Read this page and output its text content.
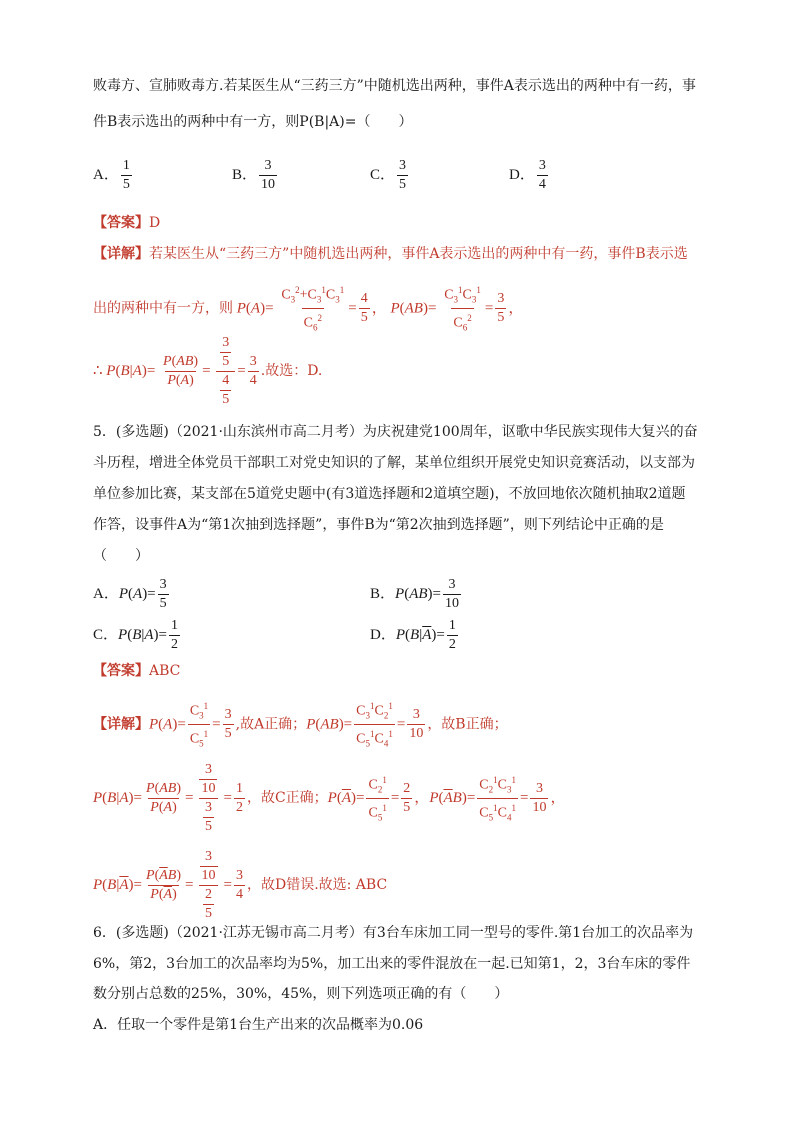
败毒方、宣肺败毒方.若某医生从“三药三方”中随机选出两种，事件A表示选出的两种中有一药，事
件B表示选出的两种中有一方，则P(B|A)=（　　）
A． $\frac{1}{5}$	B． $\frac{3}{10}$	C． $\frac{3}{5}$	D． $\frac{3}{4}$
【答案】D
【详解】若某医生从“三药三方”中随机选出两种，事件A表示选出的两种中有一药，事件B表示选
出的两种中有一方，则 $P(A)= \frac{C_3^2+C_3^1C_3^1}{C_6^2} = \frac{4}{5}$ ， $P(AB)= \frac{C_3^1C_3^1}{C_6^2} = \frac{3}{5}$ ，
∴ $P(B|A)= \frac{P(AB)}{P(A)} = \frac{\frac{3}{5}}{\frac{4}{5}} = \frac{3}{4}$ .故选：D.
5．(多选题)（2021·山东滨州市高二月考）为庆祝建党100周年，讴歌中华民族实现伟大复兴的奋
斗历程，增进全体党员干部职工对党史知识的了解，某单位组织开展党史知识竞赛活动，以支部为
单位参加比赛，某支部在5道党史题中(有3道选择题和2道填空题)，不放回地依次随机抽取2道题
作答，设事件A为“第1次抽到选择题”，事件B为“第2次抽到选择题”，则下列结论中正确的是
（　　）
A．$P(A)= \frac{3}{5}$	B．$P(AB)= \frac{3}{10}$
C．$P(B|A)= \frac{1}{2}$	D．$P(B|\overline{A})= \frac{1}{2}$
【答案】ABC
【详解】$P(A)= \frac{C_3^1}{C_5^1} = \frac{3}{5}$ ,故A正确；$P(AB)= \frac{C_3^1C_2^1}{C_5^1C_4^1} = \frac{3}{10}$ ，故B正确；
$P(B|A)= \frac{P(AB)}{P(A)} = \frac{\frac{3}{10}}{\frac{3}{5}} = \frac{1}{2}$ ，故C正确；$P(\overline{A})= \frac{C_2^1}{C_5^1} = \frac{2}{5}$ ，$P(\overline{A}B)= \frac{C_2^1C_3^1}{C_5^1C_4^1} = \frac{3}{10}$ ，
$P(B|\overline{A})= \frac{P(\overline{A}B)}{P(\overline{A})} = \frac{\frac{3}{10}}{\frac{2}{5}} = \frac{3}{4}$ ，故D错误.故选: ABC
6．(多选题)（2021·江苏无锡市高二月考）有3台车床加工同一型号的零件.第1台加工的次品率为
6%，第2，3台加工的次品率均为5%，加工出来的零件混放在一起.已知第1，2，3台车床的零件
数分别占总数的25%，30%，45%，则下列选项正确的有（　　）
A．任取一个零件是第1台生产出来的次品概率为0.06
